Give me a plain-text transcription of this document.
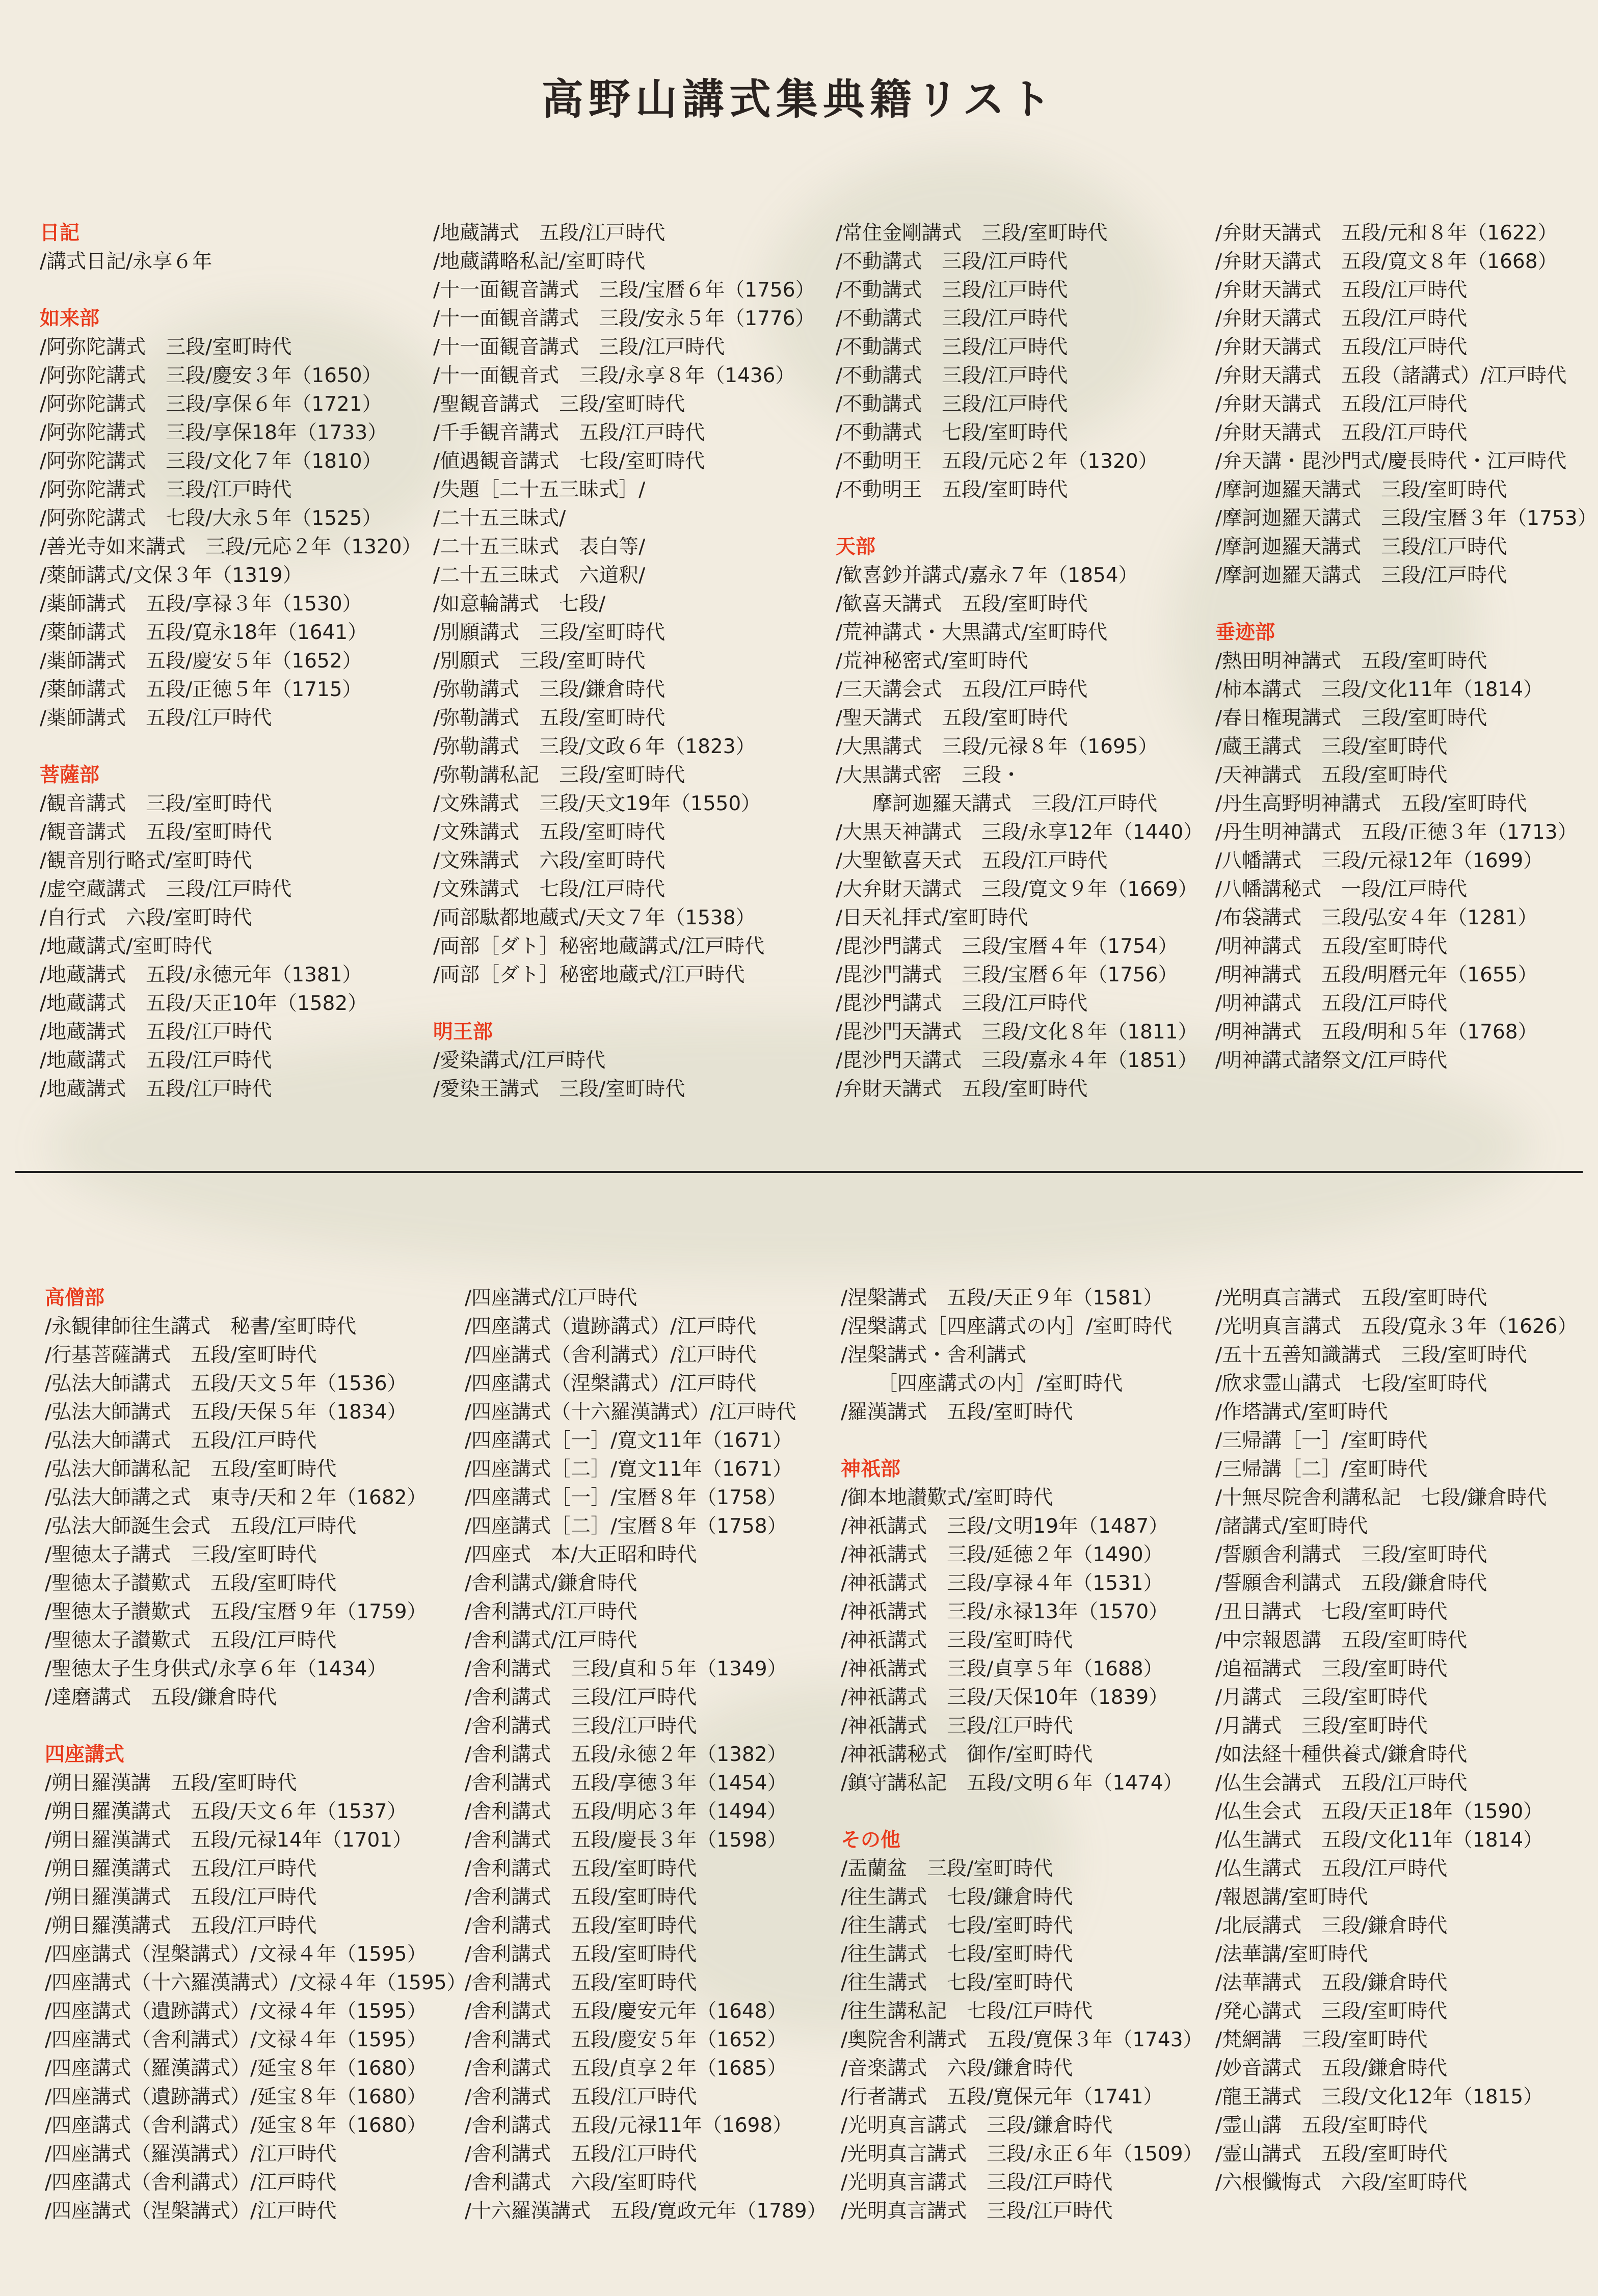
高野山講式集典籍リスト
日記
/講式日記/永享６年
如来部
/阿弥陀講式　三段/室町時代
/阿弥陀講式　三段/慶安３年（1650）
/阿弥陀講式　三段/享保６年（1721）
/阿弥陀講式　三段/享保18年（1733）
/阿弥陀講式　三段/文化７年（1810）
/阿弥陀講式　三段/江戸時代
/阿弥陀講式　七段/大永５年（1525）
/善光寺如来講式　三段/元応２年（1320）
/薬師講式/文保３年（1319）
/薬師講式　五段/享禄３年（1530）
/薬師講式　五段/寛永18年（1641）
/薬師講式　五段/慶安５年（1652）
/薬師講式　五段/正徳５年（1715）
/薬師講式　五段/江戸時代
菩薩部
/観音講式　三段/室町時代
/観音講式　五段/室町時代
/観音別行略式/室町時代
/虚空蔵講式　三段/江戸時代
/自行式　六段/室町時代
/地蔵講式/室町時代
/地蔵講式　五段/永徳元年（1381）
/地蔵講式　五段/天正10年（1582）
/地蔵講式　五段/江戸時代
/地蔵講式　五段/江戸時代
/地蔵講式　五段/江戸時代
/地蔵講式　五段/江戸時代
/地蔵講略私記/室町時代
/十一面観音講式　三段/宝暦６年（1756）
/十一面観音講式　三段/安永５年（1776）
/十一面観音講式　三段/江戸時代
/十一面観音式　三段/永享８年（1436）
/聖観音講式　三段/室町時代
/千手観音講式　五段/江戸時代
/値遇観音講式　七段/室町時代
/失題［二十五三昧式］/
/二十五三昧式/
/二十五三昧式　表白等/
/二十五三昧式　六道釈/
/如意輪講式　七段/
/別願講式　三段/室町時代
/別願式　三段/室町時代
/弥勒講式　三段/鎌倉時代
/弥勒講式　五段/室町時代
/弥勒講式　三段/文政６年（1823）
/弥勒講私記　三段/室町時代
/文殊講式　三段/天文19年（1550）
/文殊講式　五段/室町時代
/文殊講式　六段/室町時代
/文殊講式　七段/江戸時代
/両部駄都地蔵式/天文７年（1538）
/両部［ダト］秘密地蔵講式/江戸時代
/両部［ダト］秘密地蔵式/江戸時代
明王部
/愛染講式/江戸時代
/愛染王講式　三段/室町時代
/常住金剛講式　三段/室町時代
/不動講式　三段/江戸時代
/不動講式　三段/江戸時代
/不動講式　三段/江戸時代
/不動講式　三段/江戸時代
/不動講式　三段/江戸時代
/不動講式　三段/江戸時代
/不動講式　七段/室町時代
/不動明王　五段/元応２年（1320）
/不動明王　五段/室町時代
天部
/歓喜鈔并講式/嘉永７年（1854）
/歓喜天講式　五段/室町時代
/荒神講式・大黒講式/室町時代
/荒神秘密式/室町時代
/三天講会式　五段/江戸時代
/聖天講式　五段/室町時代
/大黒講式　三段/元禄８年（1695）
/大黒講式密　三段・
摩訶迦羅天講式　三段/江戸時代
/大黒天神講式　三段/永享12年（1440）
/大聖歓喜天式　五段/江戸時代
/大弁財天講式　三段/寛文９年（1669）
/日天礼拝式/室町時代
/毘沙門講式　三段/宝暦４年（1754）
/毘沙門講式　三段/宝暦６年（1756）
/毘沙門講式　三段/江戸時代
/毘沙門天講式　三段/文化８年（1811）
/毘沙門天講式　三段/嘉永４年（1851）
/弁財天講式　五段/室町時代
/弁財天講式　五段/元和８年（1622）
/弁財天講式　五段/寛文８年（1668）
/弁財天講式　五段/江戸時代
/弁財天講式　五段/江戸時代
/弁財天講式　五段/江戸時代
/弁財天講式　五段（諸講式）/江戸時代
/弁財天講式　五段/江戸時代
/弁財天講式　五段/江戸時代
/弁天講・毘沙門式/慶長時代・江戸時代
/摩訶迦羅天講式　三段/室町時代
/摩訶迦羅天講式　三段/宝暦３年（1753）
/摩訶迦羅天講式　三段/江戸時代
/摩訶迦羅天講式　三段/江戸時代
垂迹部
/熱田明神講式　五段/室町時代
/柿本講式　三段/文化11年（1814）
/春日権現講式　三段/室町時代
/蔵王講式　三段/室町時代
/天神講式　五段/室町時代
/丹生高野明神講式　五段/室町時代
/丹生明神講式　五段/正徳３年（1713）
/八幡講式　三段/元禄12年（1699）
/八幡講秘式　一段/江戸時代
/布袋講式　三段/弘安４年（1281）
/明神講式　五段/室町時代
/明神講式　五段/明暦元年（1655）
/明神講式　五段/江戸時代
/明神講式　五段/明和５年（1768）
/明神講式諸祭文/江戸時代
高僧部
/永観律師往生講式　秘書/室町時代
/行基菩薩講式　五段/室町時代
/弘法大師講式　五段/天文５年（1536）
/弘法大師講式　五段/天保５年（1834）
/弘法大師講式　五段/江戸時代
/弘法大師講私記　五段/室町時代
/弘法大師講之式　東寺/天和２年（1682）
/弘法大師誕生会式　五段/江戸時代
/聖徳太子講式　三段/室町時代
/聖徳太子讃歎式　五段/室町時代
/聖徳太子讃歎式　五段/宝暦９年（1759）
/聖徳太子讃歎式　五段/江戸時代
/聖徳太子生身供式/永享６年（1434）
/達磨講式　五段/鎌倉時代
四座講式
/朔日羅漢講　五段/室町時代
/朔日羅漢講式　五段/天文６年（1537）
/朔日羅漢講式　五段/元禄14年（1701）
/朔日羅漢講式　五段/江戸時代
/朔日羅漢講式　五段/江戸時代
/朔日羅漢講式　五段/江戸時代
/四座講式（涅槃講式）/文禄４年（1595）
/四座講式（十六羅漢講式）/文禄４年（1595）
/四座講式（遺跡講式）/文禄４年（1595）
/四座講式（舎利講式）/文禄４年（1595）
/四座講式（羅漢講式）/延宝８年（1680）
/四座講式（遺跡講式）/延宝８年（1680）
/四座講式（舎利講式）/延宝８年（1680）
/四座講式（羅漢講式）/江戸時代
/四座講式（舎利講式）/江戸時代
/四座講式（涅槃講式）/江戸時代
/四座講式/江戸時代
/四座講式（遺跡講式）/江戸時代
/四座講式（舎利講式）/江戸時代
/四座講式（涅槃講式）/江戸時代
/四座講式（十六羅漢講式）/江戸時代
/四座講式［一］/寛文11年（1671）
/四座講式［二］/寛文11年（1671）
/四座講式［一］/宝暦８年（1758）
/四座講式［二］/宝暦８年（1758）
/四座式　本/大正昭和時代
/舎利講式/鎌倉時代
/舎利講式/江戸時代
/舎利講式/江戸時代
/舎利講式　三段/貞和５年（1349）
/舎利講式　三段/江戸時代
/舎利講式　三段/江戸時代
/舎利講式　五段/永徳２年（1382）
/舎利講式　五段/享徳３年（1454）
/舎利講式　五段/明応３年（1494）
/舎利講式　五段/慶長３年（1598）
/舎利講式　五段/室町時代
/舎利講式　五段/室町時代
/舎利講式　五段/室町時代
/舎利講式　五段/室町時代
/舎利講式　五段/室町時代
/舎利講式　五段/慶安元年（1648）
/舎利講式　五段/慶安５年（1652）
/舎利講式　五段/貞享２年（1685）
/舎利講式　五段/江戸時代
/舎利講式　五段/元禄11年（1698）
/舎利講式　五段/江戸時代
/舎利講式　六段/室町時代
/十六羅漢講式　五段/寛政元年（1789）
/涅槃講式　五段/天正９年（1581）
/涅槃講式［四座講式の内］/室町時代
/涅槃講式・舎利講式
［四座講式の内］/室町時代
/羅漢講式　五段/室町時代
神祇部
/御本地讃歎式/室町時代
/神祇講式　三段/文明19年（1487）
/神祇講式　三段/延徳２年（1490）
/神祇講式　三段/享禄４年（1531）
/神祇講式　三段/永禄13年（1570）
/神祇講式　三段/室町時代
/神祇講式　三段/貞享５年（1688）
/神祇講式　三段/天保10年（1839）
/神祇講式　三段/江戸時代
/神祇講秘式　御作/室町時代
/鎮守講私記　五段/文明６年（1474）
その他
/盂蘭盆　三段/室町時代
/往生講式　七段/鎌倉時代
/往生講式　七段/室町時代
/往生講式　七段/室町時代
/往生講式　七段/室町時代
/往生講私記　七段/江戸時代
/奥院舎利講式　五段/寛保３年（1743）
/音楽講式　六段/鎌倉時代
/行者講式　五段/寛保元年（1741）
/光明真言講式　三段/鎌倉時代
/光明真言講式　三段/永正６年（1509）
/光明真言講式　三段/江戸時代
/光明真言講式　三段/江戸時代
/光明真言講式　五段/室町時代
/光明真言講式　五段/寛永３年（1626）
/五十五善知識講式　三段/室町時代
/欣求霊山講式　七段/室町時代
/作塔講式/室町時代
/三帰講［一］/室町時代
/三帰講［二］/室町時代
/十無尽院舎利講私記　七段/鎌倉時代
/諸講式/室町時代
/誓願舎利講式　三段/室町時代
/誓願舎利講式　五段/鎌倉時代
/丑日講式　七段/室町時代
/中宗報恩講　五段/室町時代
/追福講式　三段/室町時代
/月講式　三段/室町時代
/月講式　三段/室町時代
/如法経十種供養式/鎌倉時代
/仏生会講式　五段/江戸時代
/仏生会式　五段/天正18年（1590）
/仏生講式　五段/文化11年（1814）
/仏生講式　五段/江戸時代
/報恩講/室町時代
/北辰講式　三段/鎌倉時代
/法華講/室町時代
/法華講式　五段/鎌倉時代
/発心講式　三段/室町時代
/梵網講　三段/室町時代
/妙音講式　五段/鎌倉時代
/龍王講式　三段/文化12年（1815）
/霊山講　五段/室町時代
/霊山講式　五段/室町時代
/六根懺悔式　六段/室町時代
